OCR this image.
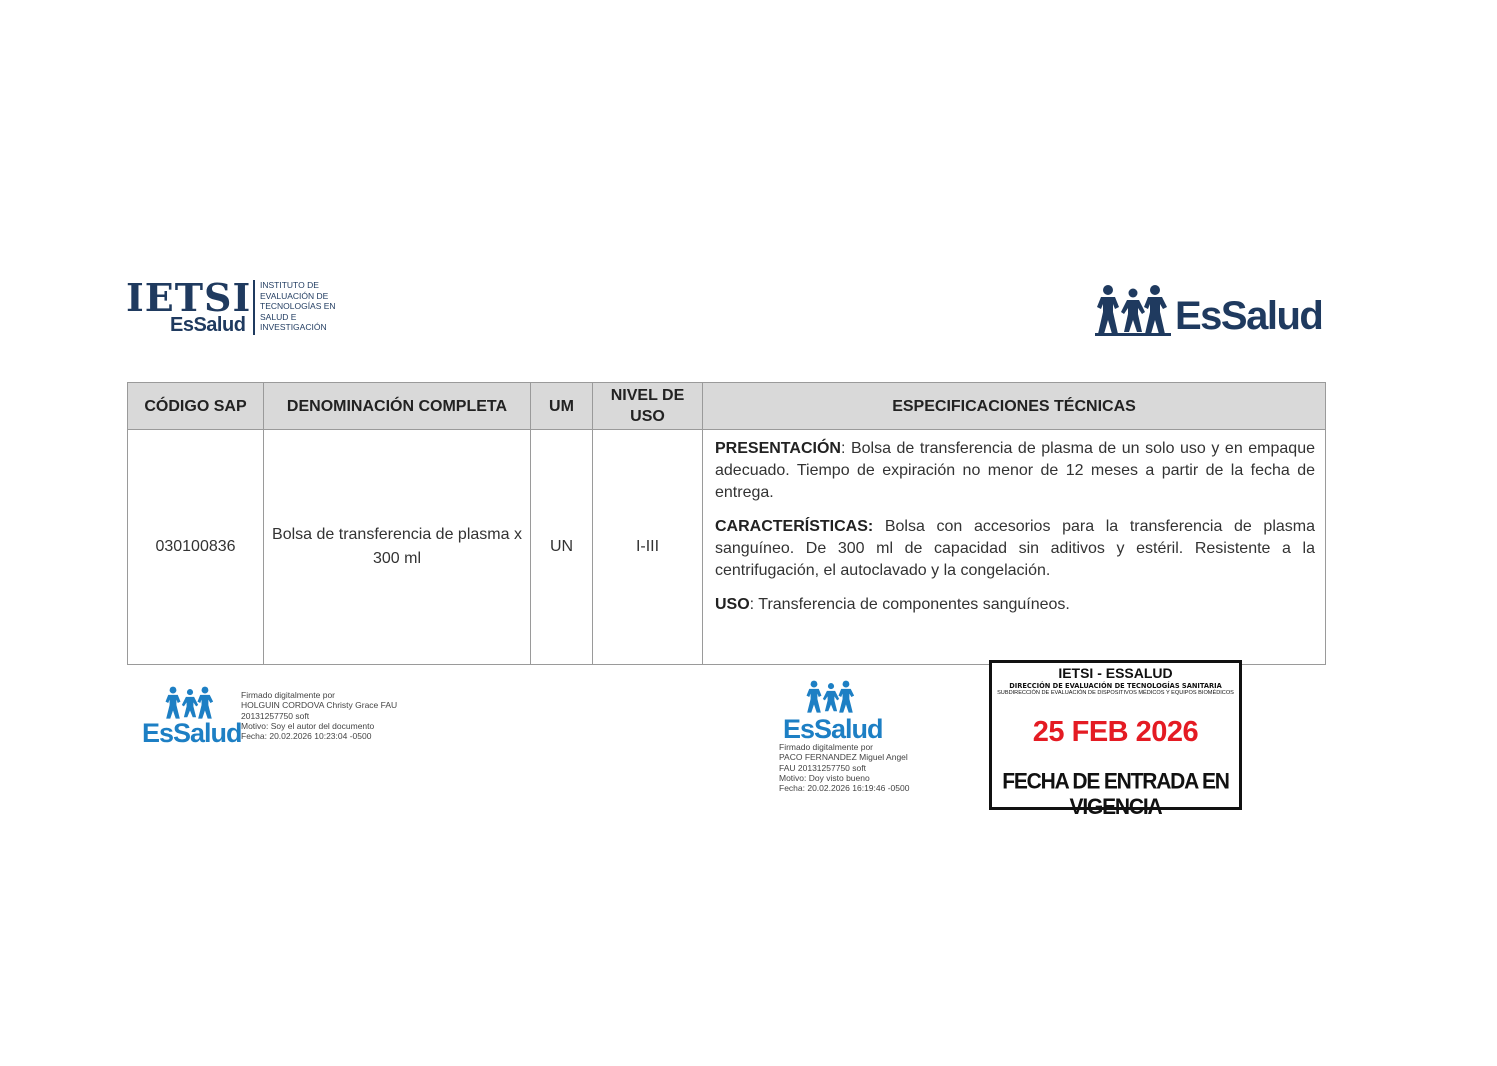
IETSI
EsSalud
INSTITUTO DE
EVALUACIÓN DE
TECNOLOGÍAS EN
SALUD E
INVESTIGACIÓN	EsSalud
CÓDIGO SAP	DENOMINACIÓN COMPLETA	UM	NIVEL DE USO	ESPECIFICACIONES TÉCNICAS
030100836	Bolsa de transferencia de plasma x 300 ml	UN	I-III	PRESENTACIÓN: Bolsa de transferencia de plasma de un solo uso y en empaque adecuado. Tiempo de expiración no menor de 12 meses a partir de la fecha de entrega.

CARACTERÍSTICAS: Bolsa con accesorios para la transferencia de plasma sanguíneo. De 300 ml de capacidad sin aditivos y estéril. Resistente a la centrifugación, el autoclavado y la congelación.

USO: Transferencia de componentes sanguíneos.

EsSalud
Firmado digitalmente por
HOLGUIN CORDOVA Christy Grace FAU
20131257750 soft
Motivo: Soy el autor del documento
Fecha: 20.02.2026 10:23:04 -0500	EsSalud
Firmado digitalmente por
PACO FERNANDEZ Miguel Angel
FAU 20131257750 soft
Motivo: Doy visto bueno
Fecha: 20.02.2026 16:19:46 -0500
IETSI - ESSALUD
DIRECCIÓN DE EVALUACIÓN DE TECNOLOGÍAS SANITARIA
SUBDIRECCIÓN DE EVALUACIÓN DE DISPOSITIVOS MÉDICOS Y EQUIPOS BIOMÉDICOS
25 FEB 2026
FECHA DE ENTRADA EN VIGENCIA
